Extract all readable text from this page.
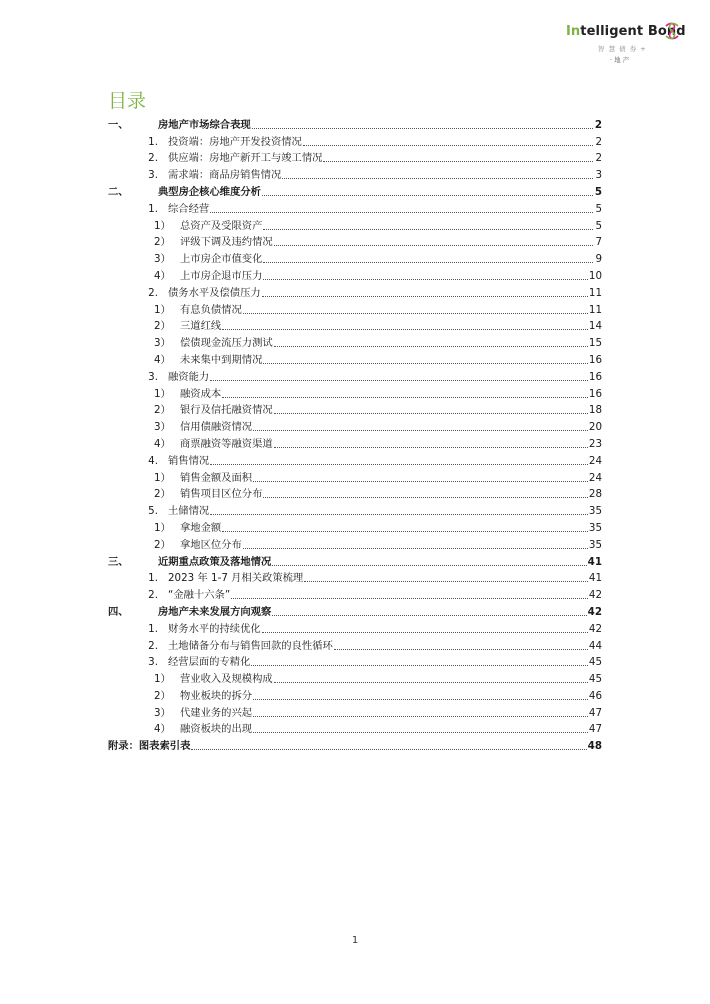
Intelligent Bond
智 慧 债 券 +
· 地 产
目录
一、	房地产市场综合表现	2
1. 投资端：房地产开发投资情况	2
2. 供应端：房地产新开工与竣工情况	2
3. 需求端：商品房销售情况	3
二、	典型房企核心维度分析	5
1. 综合经营	5
1） 总资产及受限资产	5
2） 评级下调及违约情况	7
3） 上市房企市值变化	9
4） 上市房企退市压力	10
2. 债务水平及偿债压力	11
1） 有息负债情况	11
2） 三道红线	14
3） 偿债现金流压力测试	15
4） 未来集中到期情况	16
3. 融资能力	16
1） 融资成本	16
2） 银行及信托融资情况	18
3） 信用债融资情况	20
4） 商票融资等融资渠道	23
4. 销售情况	24
1） 销售金额及面积	24
2） 销售项目区位分布	28
5. 土储情况	35
1） 拿地金额	35
2） 拿地区位分布	35
三、	近期重点政策及落地情况	41
1. 2023 年 1-7 月相关政策梳理	41
2. “金融十六条”	42
四、	房地产未来发展方向观察	42
1. 财务水平的持续优化	42
2. 土地储备分布与销售回款的良性循环	44
3. 经营层面的专精化	45
1） 营业收入及规模构成	45
2） 物业板块的拆分	46
3） 代建业务的兴起	47
4） 融资板块的出现	47
附录：图表索引表	48
1
